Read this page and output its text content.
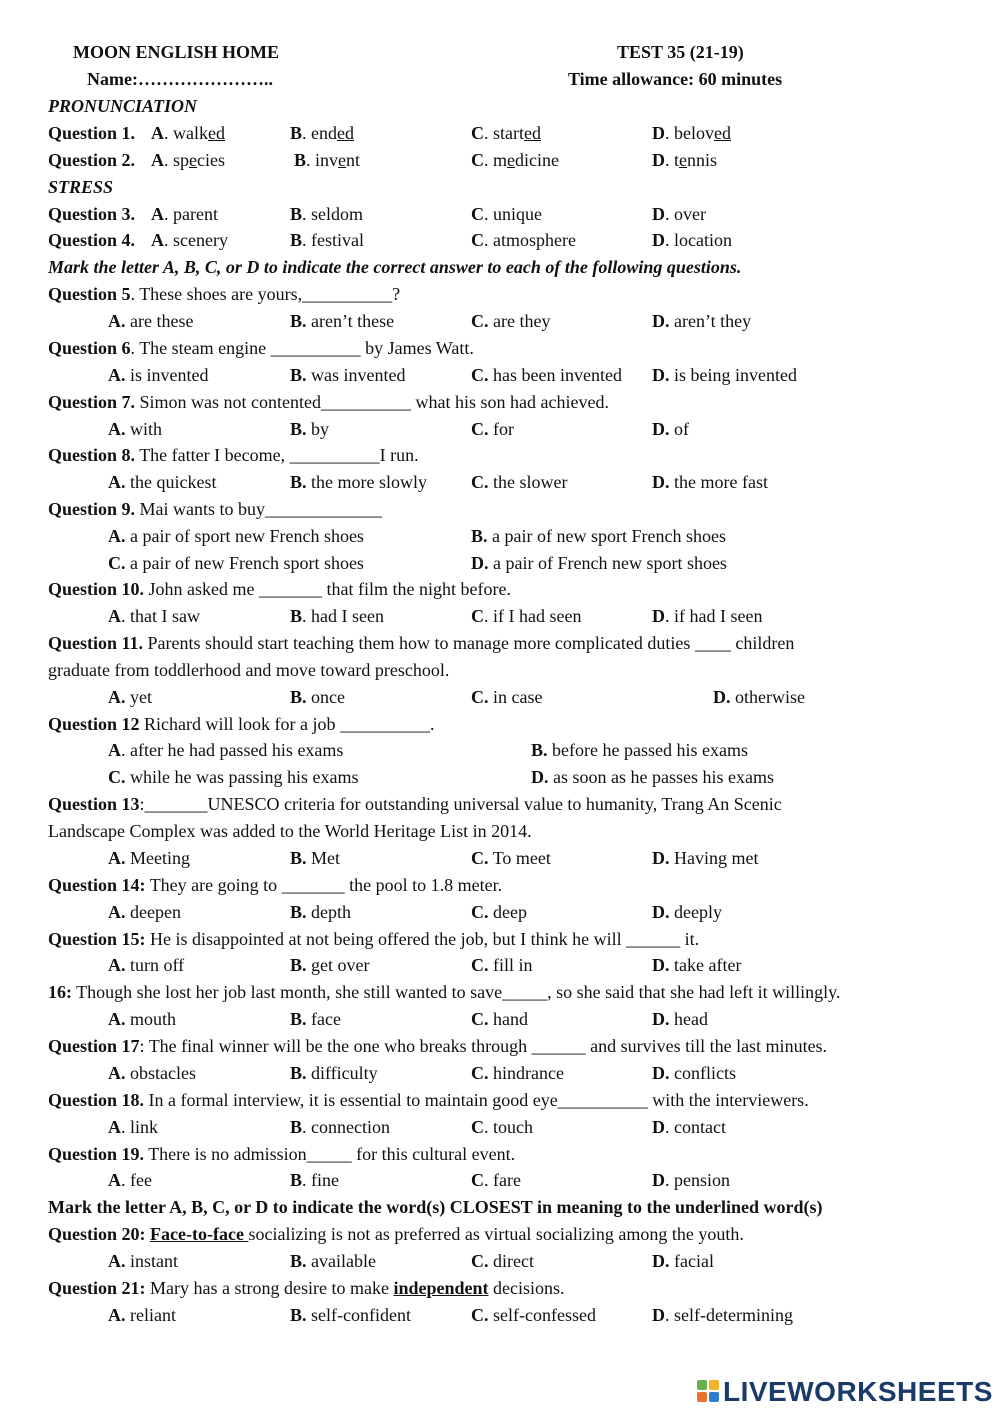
MOON ENGLISH HOME	TEST 35 (21-19)
Name:…………………..	Time allowance: 60 minutes
PRONUNCIATION
Question 1. A. walked	B. ended	C. started	D. beloved
Question 2. A. species	B. invent	C. medicine	D. tennis
STRESS
Question 3. A. parent	B. seldom	C. unique	D. over
Question 4. A. scenery	B. festival	C. atmosphere	D. location
Mark the letter A, B, C, or D to indicate the correct answer to each of the following questions.
Question 5. These shoes are yours,__________?
A. are these	B. aren’t these	C. are they	D. aren’t they
Question 6. The steam engine __________ by James Watt.
A. is invented	B. was invented	C. has been invented D. is being invented
Question 7. Simon was not contented__________ what his son had achieved.
A. with	B. by	C. for	D. of
Question 8. The fatter I become, __________I run.
A. the quickest	B. the more slowly C. the slower	D. the more fast
Question 9. Mai wants to buy_____________
A. a pair of sport new French shoes	B. a pair of new sport French shoes
C. a pair of new French sport shoes	D. a pair of French new sport shoes
Question 10. John asked me _______ that film the night before.
A. that I saw	B. had I seen	C. if I had seen	D. if had I seen
Question 11. Parents should start teaching them how to manage more complicated duties ____ children
graduate from toddlerhood and move toward preschool.
A. yet	B. once	C. in case	D. otherwise
Question 12 Richard will look for a job __________.
A. after he had passed his exams	B. before he passed his exams
C. while he was passing his exams	D. as soon as he passes his exams
Question 13:_______UNESCO criteria for outstanding universal value to humanity, Trang An Scenic
Landscape Complex was added to the World Heritage List in 2014.
A. Meeting	B. Met	C. To meet	D. Having met
Question 14: They are going to _______ the pool to 1.8 meter.
A. deepen	B. depth	C. deep	D. deeply
Question 15: He is disappointed at not being offered the job, but I think he will ______ it.
A. turn off	B. get over	C. fill in	D. take after
16: Though she lost her job last month, she still wanted to save_____, so she said that she had left it willingly.
A. mouth	B. face	C. hand	D. head
Question 17: The final winner will be the one who breaks through ______ and survives till the last minutes.
A. obstacles	B. difficulty	C. hindrance	D. conflicts
Question 18. In a formal interview, it is essential to maintain good eye__________ with the interviewers.
A. link	B. connection	C. touch	D. contact
Question 19. There is no admission_____ for this cultural event.
A. fee	B. fine	C. fare	D. pension
Mark the letter A, B, C, or D to indicate the word(s) CLOSEST in meaning to the underlined word(s)
Question 20: Face-to-face socializing is not as preferred as virtual socializing among the youth.
A. instant	B. available	C. direct	D. facial
Question 21: Mary has a strong desire to make independent decisions.
A. reliant	B. self-confident	C. self-confessed	D. self-determining
LIVEWORKSHEETS
